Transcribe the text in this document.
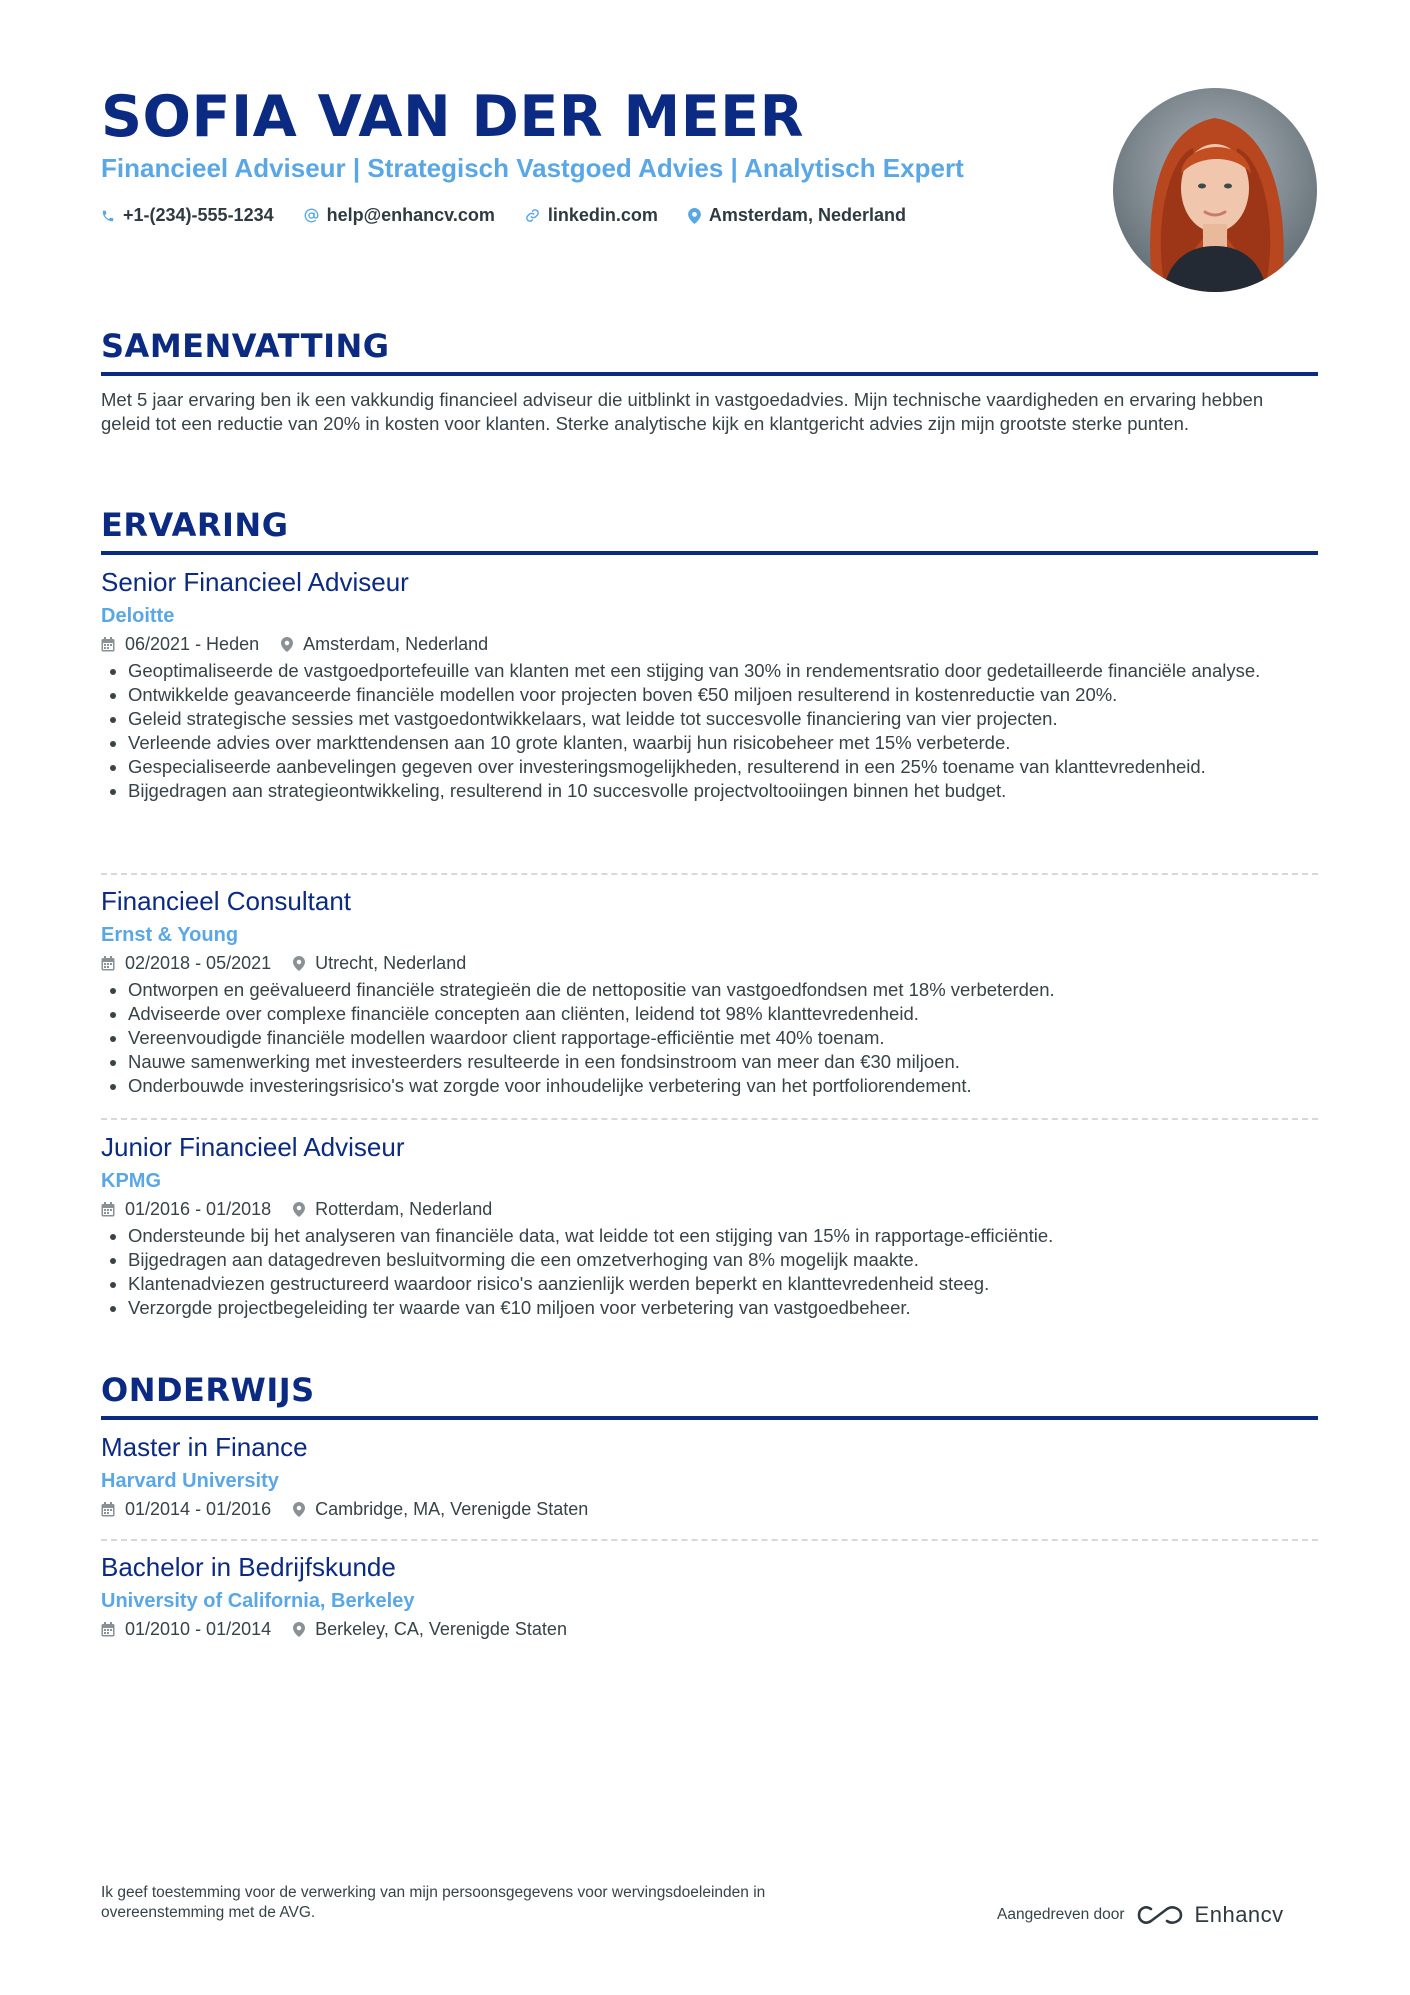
SOFIA VAN DER MEER

Financieel Adviseur | Strategisch Vastgoed Advies | Analytisch Expert

+1-(234)-555-1234	help@enhancv.com	linkedin.com	Amsterdam, Nederland
SAMENVATTING

Met 5 jaar ervaring ben ik een vakkundig financieel adviseur die uitblinkt in vastgoedadvies. Mijn technische vaardigheden en ervaring hebben geleid tot een reductie van 20% in kosten voor klanten. Sterke analytische kijk en klantgericht advies zijn mijn grootste sterke punten.

ERVARING
Senior Financieel Adviseur
Deloitte
06/2021 - Heden Amsterdam, Nederland
• Geoptimaliseerde de vastgoedportefeuille van klanten met een stijging van 30% in rendementsratio door gedetailleerde financiële analyse.
• Ontwikkelde geavanceerde financiële modellen voor projecten boven €50 miljoen resulterend in kostenreductie van 20%.
• Geleid strategische sessies met vastgoedontwikkelaars, wat leidde tot succesvolle financiering van vier projecten.
• Verleende advies over markttendensen aan 10 grote klanten, waarbij hun risicobeheer met 15% verbeterde.
• Gespecialiseerde aanbevelingen gegeven over investeringsmogelijkheden, resulterend in een 25% toename van klanttevredenheid.
• Bijgedragen aan strategieontwikkeling, resulterend in 10 succesvolle projectvoltooiingen binnen het budget.
Financieel Consultant
Ernst & Young
02/2018 - 05/2021 Utrecht, Nederland
• Ontworpen en geëvalueerd financiële strategieën die de nettopositie van vastgoedfondsen met 18% verbeterden.
• Adviseerde over complexe financiële concepten aan cliënten, leidend tot 98% klanttevredenheid.
• Vereenvoudigde financiële modellen waardoor client rapportage-efficiëntie met 40% toenam.
• Nauwe samenwerking met investeerders resulteerde in een fondsinstroom van meer dan €30 miljoen.
• Onderbouwde investeringsrisico's wat zorgde voor inhoudelijke verbetering van het portfoliorendement.
Junior Financieel Adviseur
KPMG
01/2016 - 01/2018 Rotterdam, Nederland
• Ondersteunde bij het analyseren van financiële data, wat leidde tot een stijging van 15% in rapportage-efficiëntie.
• Bijgedragen aan datagedreven besluitvorming die een omzetverhoging van 8% mogelijk maakte.
• Klantenadviezen gestructureerd waardoor risico's aanzienlijk werden beperkt en klanttevredenheid steeg.
• Verzorgde projectbegeleiding ter waarde van €10 miljoen voor verbetering van vastgoedbeheer.
ONDERWIJS
Master in Finance
Harvard University
01/2014 - 01/2016 Cambridge, MA, Verenigde Staten
Bachelor in Bedrijfskunde
University of California, Berkeley
01/2010 - 01/2014 Berkeley, CA, Verenigde Staten

Ik geef toestemming voor de verwerking van mijn persoonsgegevens voor wervingsdoeleinden in overeenstemming met de AVG.	Aangedreven door	Enhancv
